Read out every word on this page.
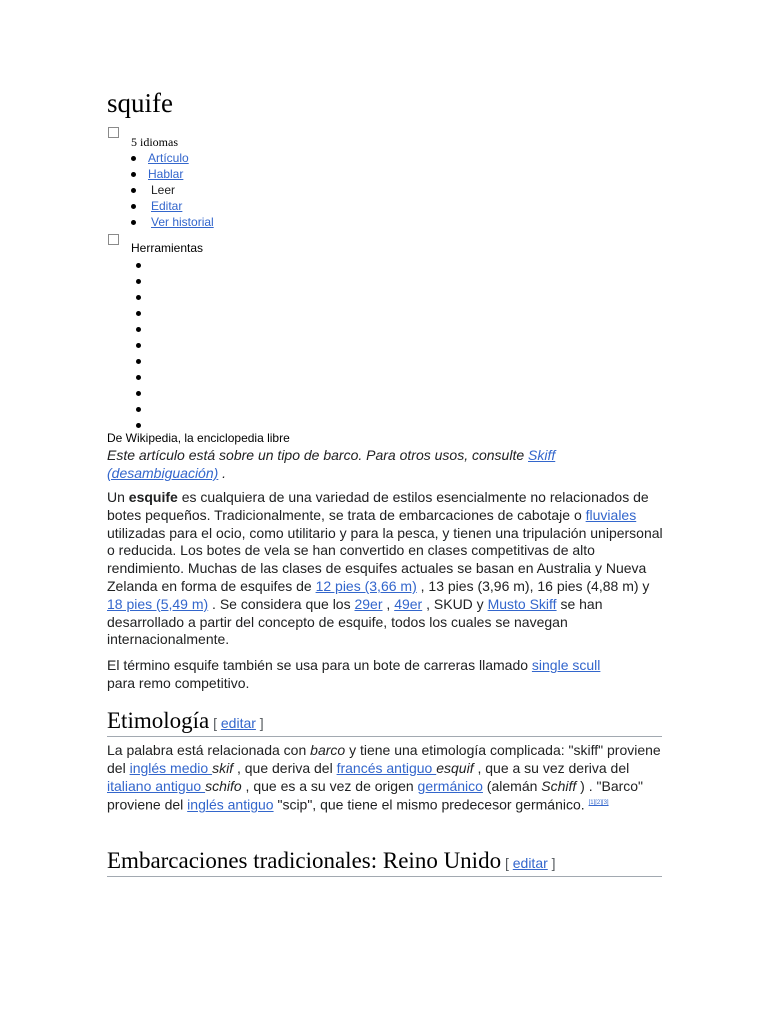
squife
5 idiomas
Artículo
Hablar
Leer
Editar
Ver historial
Herramientas
De Wikipedia, la enciclopedia libre
Este artículo está sobre un tipo de barco. Para otros usos, consulte Skiff (desambiguación) .

Un esquife es cualquiera de una variedad de estilos esencialmente no relacionados de botes pequeños. Tradicionalmente, se trata de embarcaciones de cabotaje o fluviales utilizadas para el ocio, como utilitario y para la pesca, y tienen una tripulación unipersonal o reducida. Los botes de vela se han convertido en clases competitivas de alto rendimiento. Muchas de las clases de esquifes actuales se basan en Australia y Nueva Zelanda en forma de esquifes de 12 pies (3,66 m) , 13 pies (3,96 m), 16 pies (4,88 m) y 18 pies (5,49 m) . Se considera que los 29er , 49er , SKUD y Musto Skiff se han desarrollado a partir del concepto de esquife, todos los cuales se navegan internacionalmente.

El término esquife también se usa para un bote de carreras llamado single scull para remo competitivo.

Etimología [ editar ]

La palabra está relacionada con barco y tiene una etimología complicada: "skiff" proviene del inglés medio skif , que deriva del francés antiguo esquif , que a su vez deriva del italiano antiguo schifo , que es a su vez de origen germánico (alemán Schiff ) . "Barco" proviene del inglés antiguo "scip", que tiene el mismo predecesor germánico. [1][2][3]

Embarcaciones tradicionales: Reino Unido [ editar ]
